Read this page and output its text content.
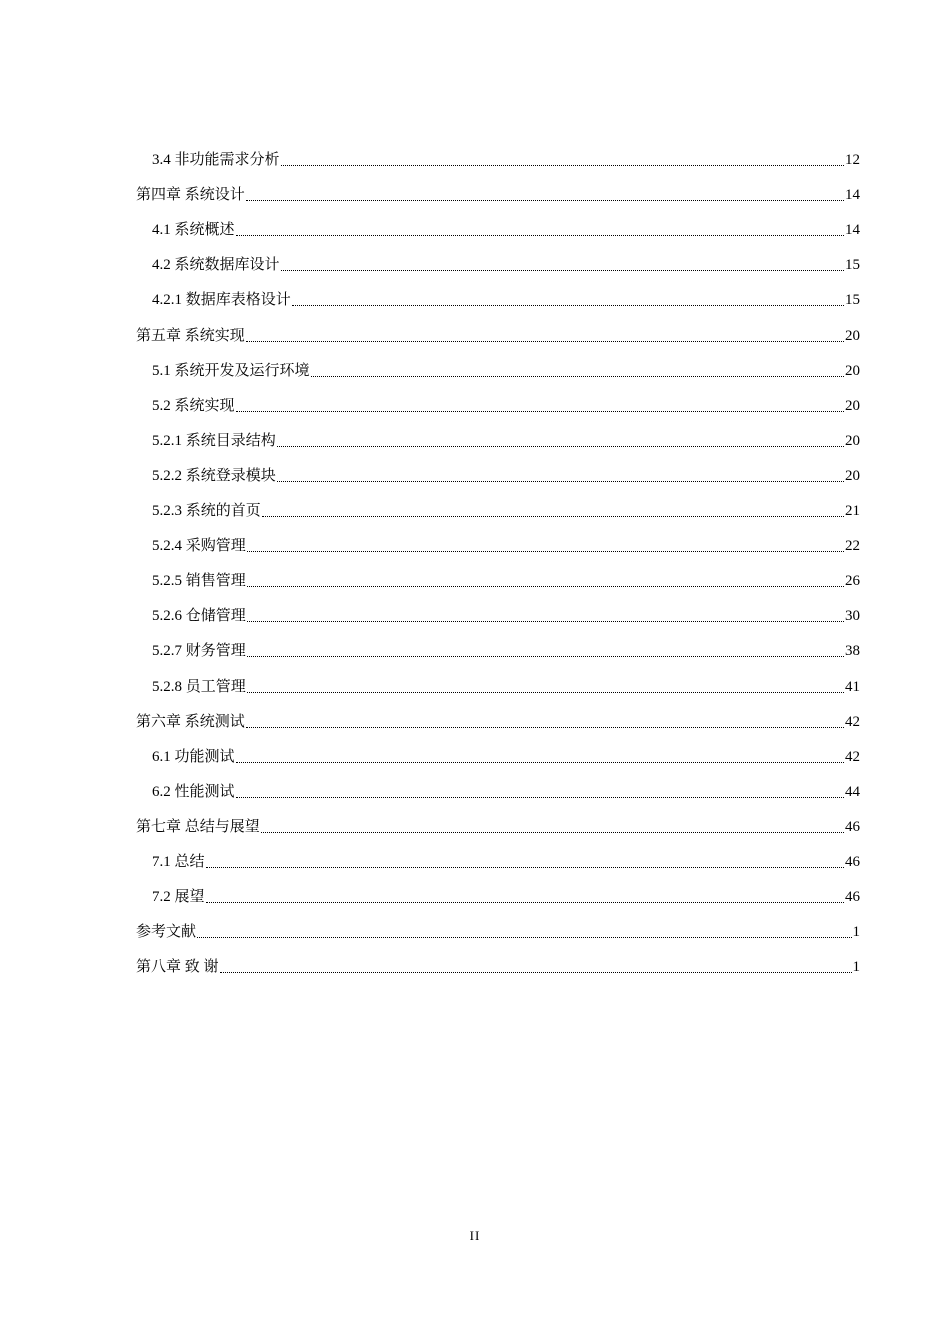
3.4 非功能需求分析	12
第四章 系统设计	14
4.1 系统概述	14
4.2 系统数据库设计	15
4.2.1 数据库表格设计	15
第五章 系统实现	20
5.1 系统开发及运行环境	20
5.2 系统实现	20
5.2.1 系统目录结构	20
5.2.2 系统登录模块	20
5.2.3 系统的首页	21
5.2.4 采购管理	22
5.2.5 销售管理	26
5.2.6 仓储管理	30
5.2.7 财务管理	38
5.2.8 员工管理	41
第六章 系统测试	42
6.1 功能测试	42
6.2 性能测试	44
第七章 总结与展望	46
7.1 总结	46
7.2 展望	46
参考文献	1
第八章 致 谢	1
II
